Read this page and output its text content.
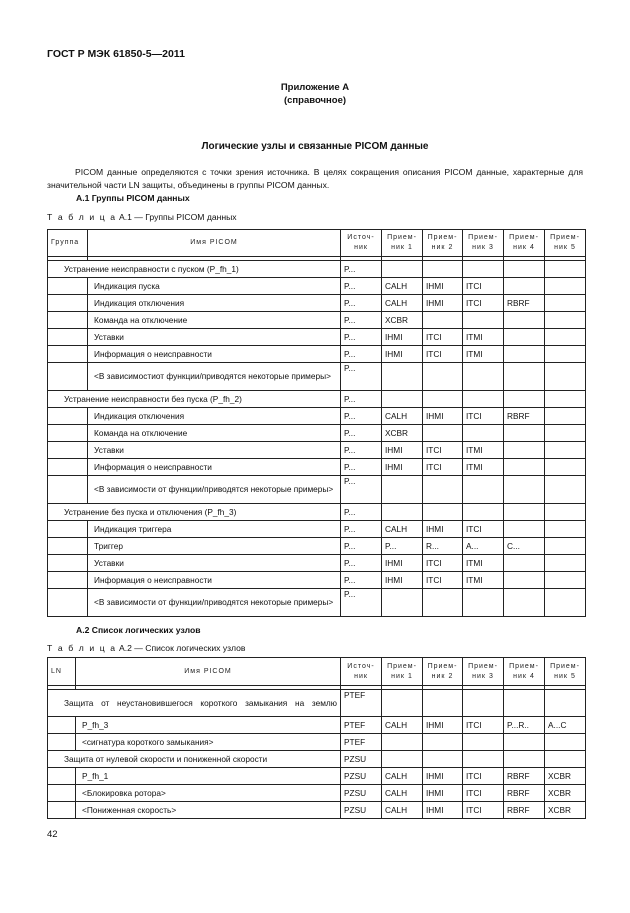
ГОСТ Р МЭК 61850-5—2011
Приложение А
(справочное)
Логические узлы и связанные PICOM данные
PICOM данные определяются с точки зрения источника. В целях сокращения описания PICOM данные, характерные для значительной части LN защиты, объединены в группы PICOM данных.
А.1 Группы PICOM данных
Т а б л и ц а А.1 — Группы PICOM данных
Группа	Имя PICOM	Источ- ник	Прием- ник 1	Прием- ник 2	Прием- ник 3	Прием- ник 4	Прием- ник 5

Устранение неисправности с пуском (P_fh_1)		P...					
	Индикация пуска	P...	CALH	IHMI	ITCI		
	Индикация отключения	P...	CALH	IHMI	ITCI	RBRF	
	Команда на отключение	P...	XCBR				
	Уставки	P...	IHMI	ITCI	ITMI		
	Информация о неисправности	P...	IHMI	ITCI	ITMI		
	<В зависимостиот функции/приводятся некоторые примеры>	P...					
Устранение неисправности без пуска (P_fh_2)		P...					
	Индикация отключения	P...	CALH	IHMI	ITCI	RBRF	
	Команда на отключение	P...	XCBR				
	Уставки	P...	IHMI	ITCI	ITMI		
	Информация о неисправности	P...	IHMI	ITCI	ITMI		
	<В зависимости от функции/приводятся некоторые примеры>	P...					
Устранение без пуска и отключения (P_fh_3)		P...					
	Индикация триггера	P...	CALH	IHMI	ITCI		
	Триггер	P...	P...	R...	A...	C...	
	Уставки	P...	IHMI	ITCI	ITMI		
	Информация о неисправности	P...	IHMI	ITCI	ITMI		
	<В зависимости от функции/приводятся некоторые примеры>	P...					
А.2 Список логических узлов
Т а б л и ц а А.2 — Список логических узлов
LN	Имя PICOM	Источ- ник	Прием- ник 1	Прием- ник 2	Прием- ник 3	Прием- ник 4	Прием- ник 5

Защита от неустановившегося короткого замыкания на землю		PTEF					
	P_fh_3	PTEF	CALH	IHMI	ITCI	P...R..	A...C
	<сигнатура короткого замыкания>	PTEF					
Защита от нулевой скорости и пониженной скорости		PZSU					
	P_fh_1	PZSU	CALH	IHMI	ITCI	RBRF	XCBR
	<Блокировка ротора>	PZSU	CALH	IHMI	ITCI	RBRF	XCBR
	<Пониженная скорость>	PZSU	CALH	IHMI	ITCI	RBRF	XCBR
42
